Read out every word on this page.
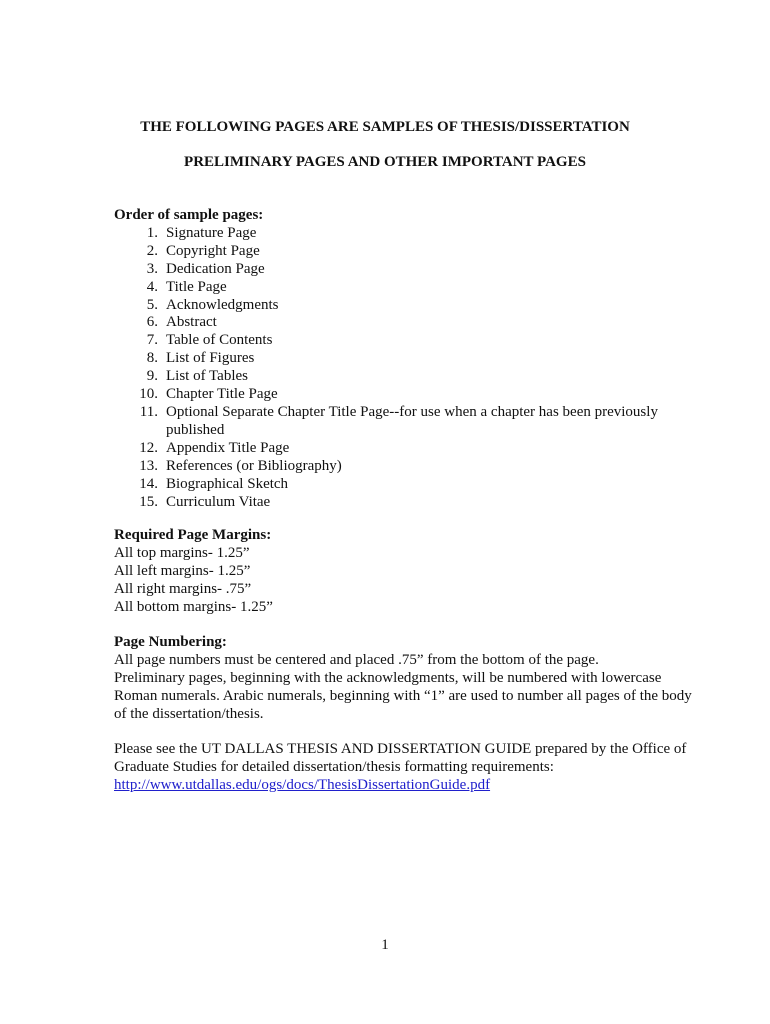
THE FOLLOWING PAGES ARE SAMPLES OF THESIS/DISSERTATION
PRELIMINARY PAGES AND OTHER IMPORTANT PAGES
Order of sample pages:
1. Signature Page
2. Copyright Page
3. Dedication Page
4. Title Page
5. Acknowledgments
6. Abstract
7. Table of Contents
8. List of Figures
9. List of Tables
10. Chapter Title Page
11. Optional Separate Chapter Title Page--for use when a chapter has been previously published
12. Appendix Title Page
13. References (or Bibliography)
14. Biographical Sketch
15. Curriculum Vitae
Required Page Margins:
All top margins- 1.25”
All left margins- 1.25”
All right margins- .75”
All bottom margins- 1.25”
Page Numbering:
All page numbers must be centered and placed .75” from the bottom of the page.
Preliminary pages, beginning with the acknowledgments, will be numbered with lowercase Roman numerals. Arabic numerals, beginning with “1” are used to number all pages of the body of the dissertation/thesis.
Please see the UT DALLAS THESIS AND DISSERTATION GUIDE prepared by the Office of Graduate Studies for detailed dissertation/thesis formatting requirements:
http://www.utdallas.edu/ogs/docs/ThesisDissertationGuide.pdf
1
